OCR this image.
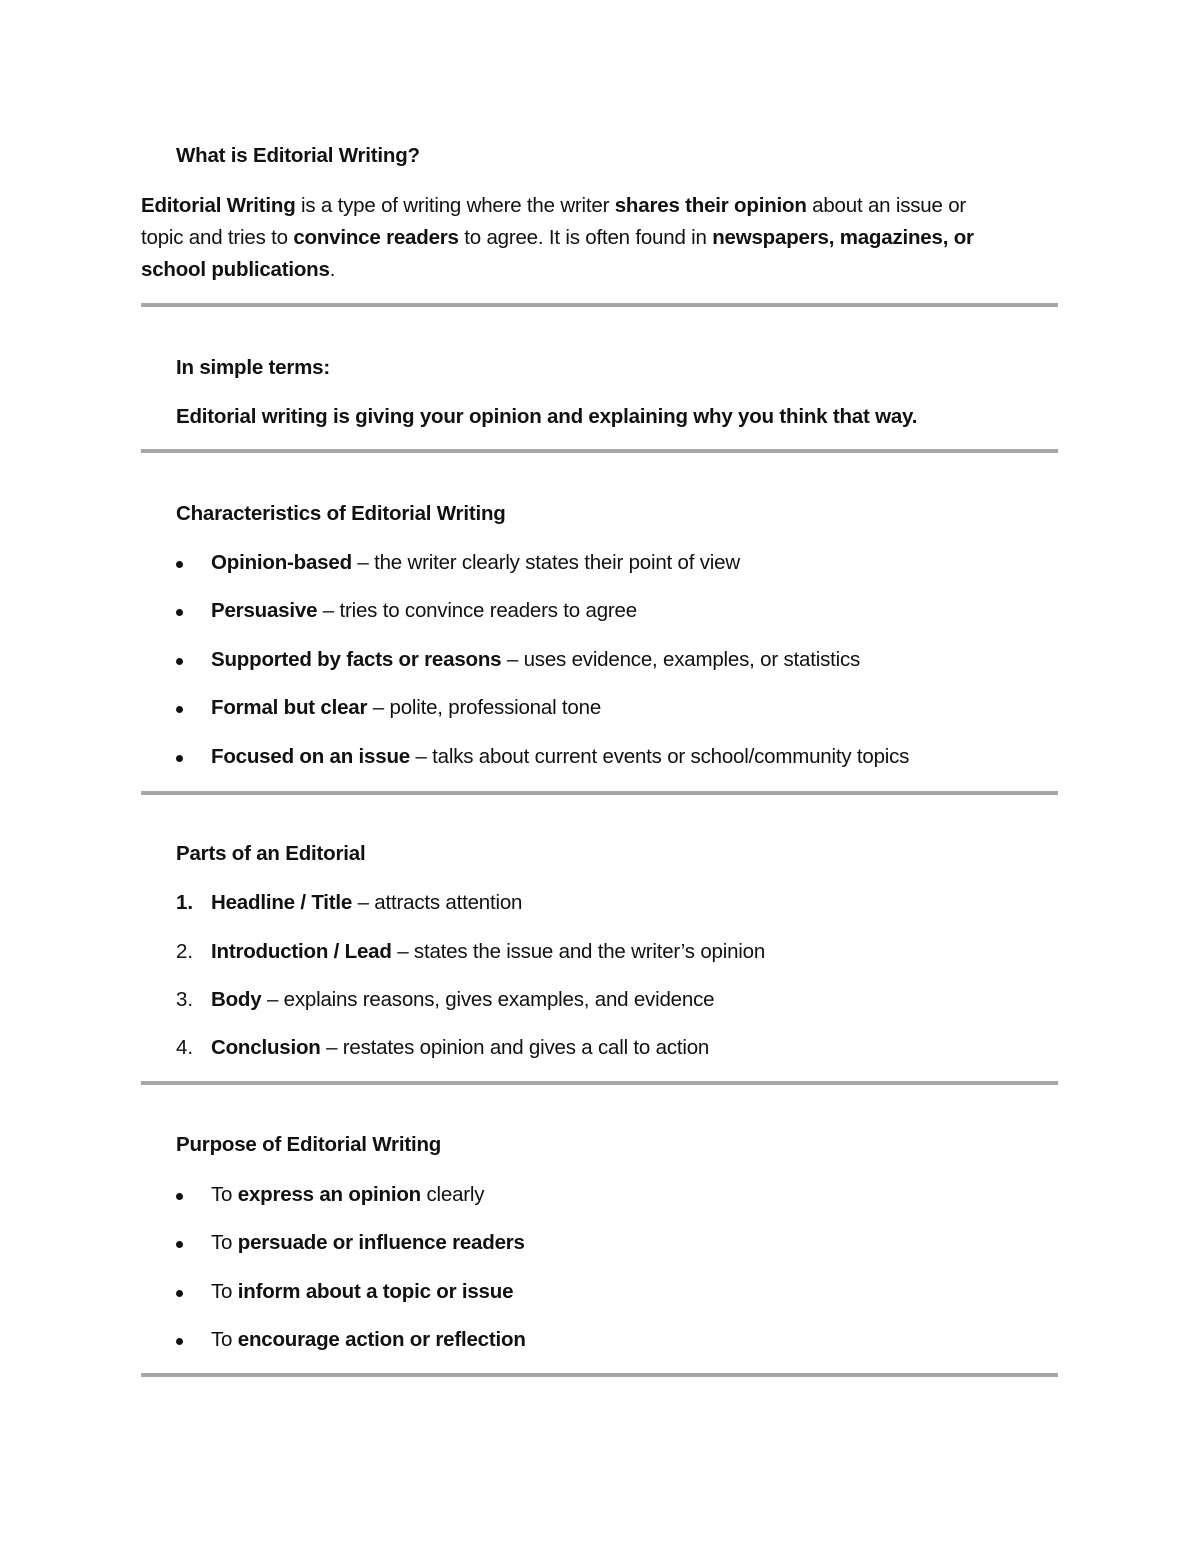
What is Editorial Writing?
Editorial Writing is a type of writing where the writer shares their opinion about an issue or
topic and tries to convince readers to agree. It is often found in newspapers, magazines, or
school publications.
In simple terms:
Editorial writing is giving your opinion and explaining why you think that way.
Characteristics of Editorial Writing
Opinion-based – the writer clearly states their point of view
Persuasive – tries to convince readers to agree
Supported by facts or reasons – uses evidence, examples, or statistics
Formal but clear – polite, professional tone
Focused on an issue – talks about current events or school/community topics
Parts of an Editorial
1. Headline / Title – attracts attention
2. Introduction / Lead – states the issue and the writer’s opinion
3. Body – explains reasons, gives examples, and evidence
4. Conclusion – restates opinion and gives a call to action
Purpose of Editorial Writing
To express an opinion clearly
To persuade or influence readers
To inform about a topic or issue
To encourage action or reflection
